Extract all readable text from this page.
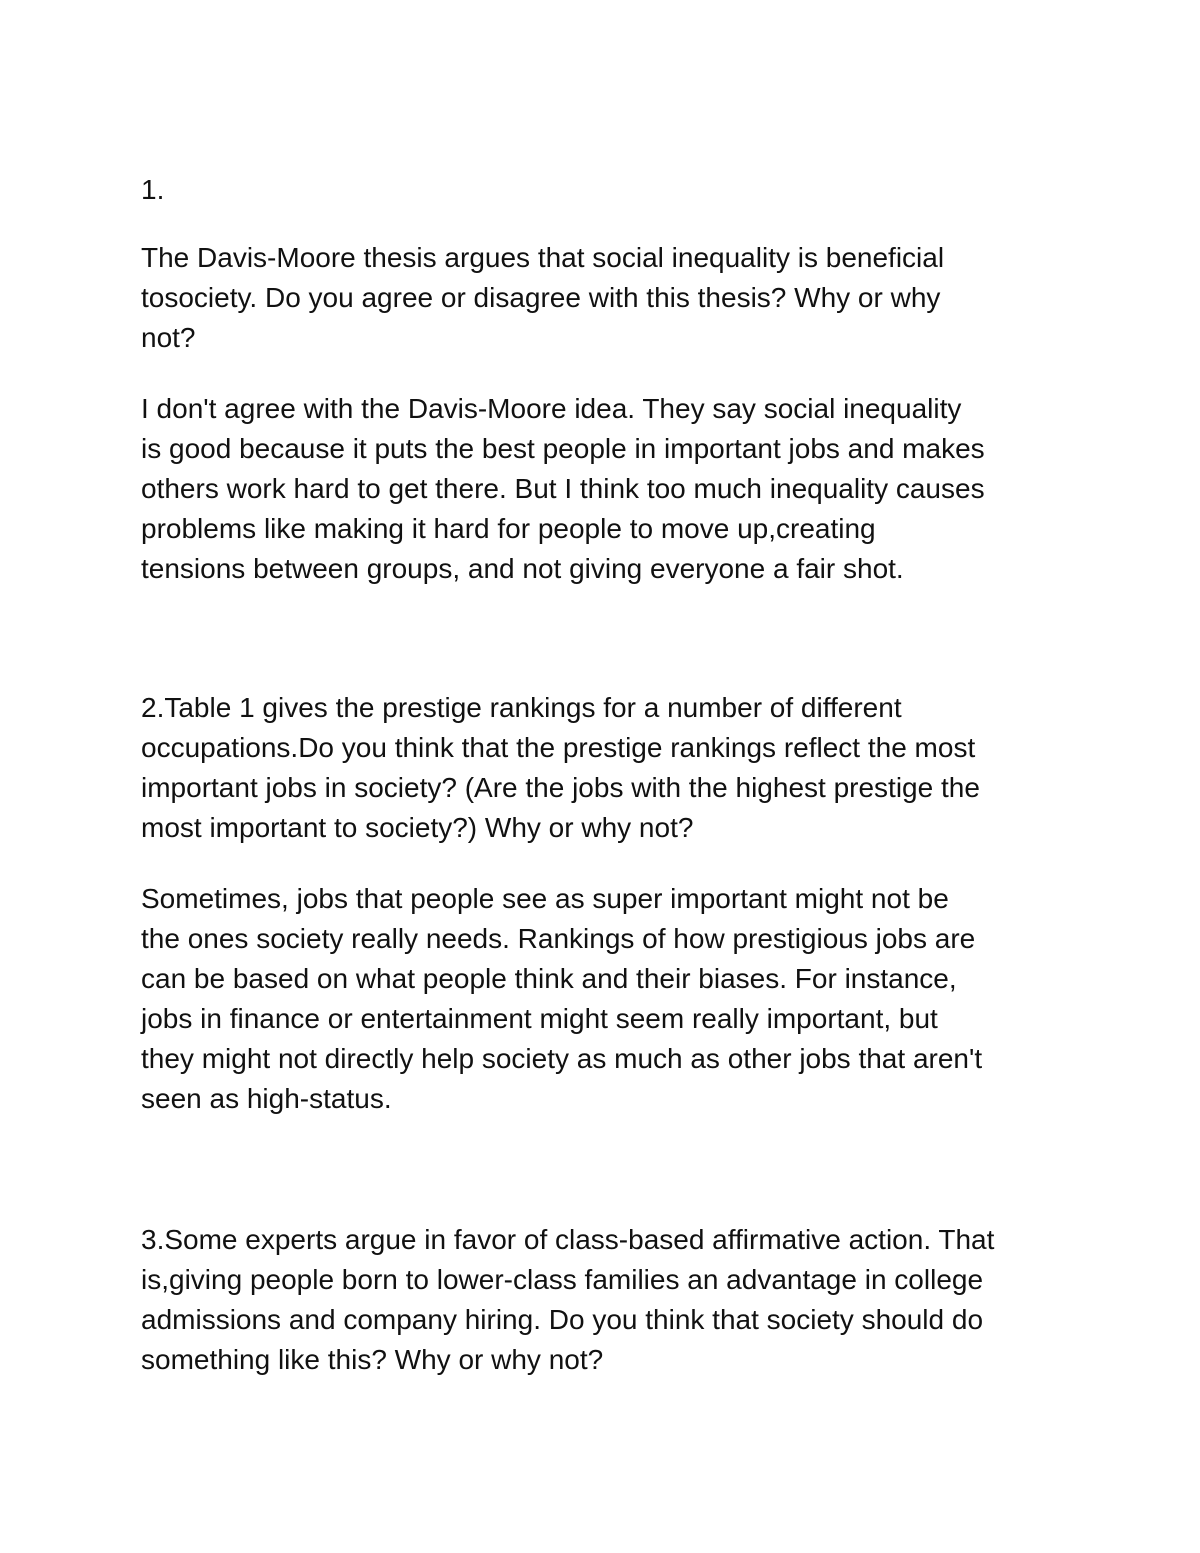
1.

The Davis-Moore thesis argues that social inequality is beneficial
tosociety. Do you agree or disagree with this thesis? Why or why
not?

I don't agree with the Davis-Moore idea. They say social inequality
is good because it puts the best people in important jobs and makes
others work hard to get there. But I think too much inequality causes
problems like making it hard for people to move up,creating
tensions between groups, and not giving everyone a fair shot.

2.Table 1 gives the prestige rankings for a number of different
occupations.Do you think that the prestige rankings reflect the most
important jobs in society? (Are the jobs with the highest prestige the
most important to society?) Why or why not?

Sometimes, jobs that people see as super important might not be
the ones society really needs. Rankings of how prestigious jobs are
can be based on what people think and their biases. For instance,
jobs in finance or entertainment might seem really important, but
they might not directly help society as much as other jobs that aren't
seen as high-status.

3.Some experts argue in favor of class-based affirmative action. That
is,giving people born to lower-class families an advantage in college
admissions and company hiring. Do you think that society should do
something like this? Why or why not?
